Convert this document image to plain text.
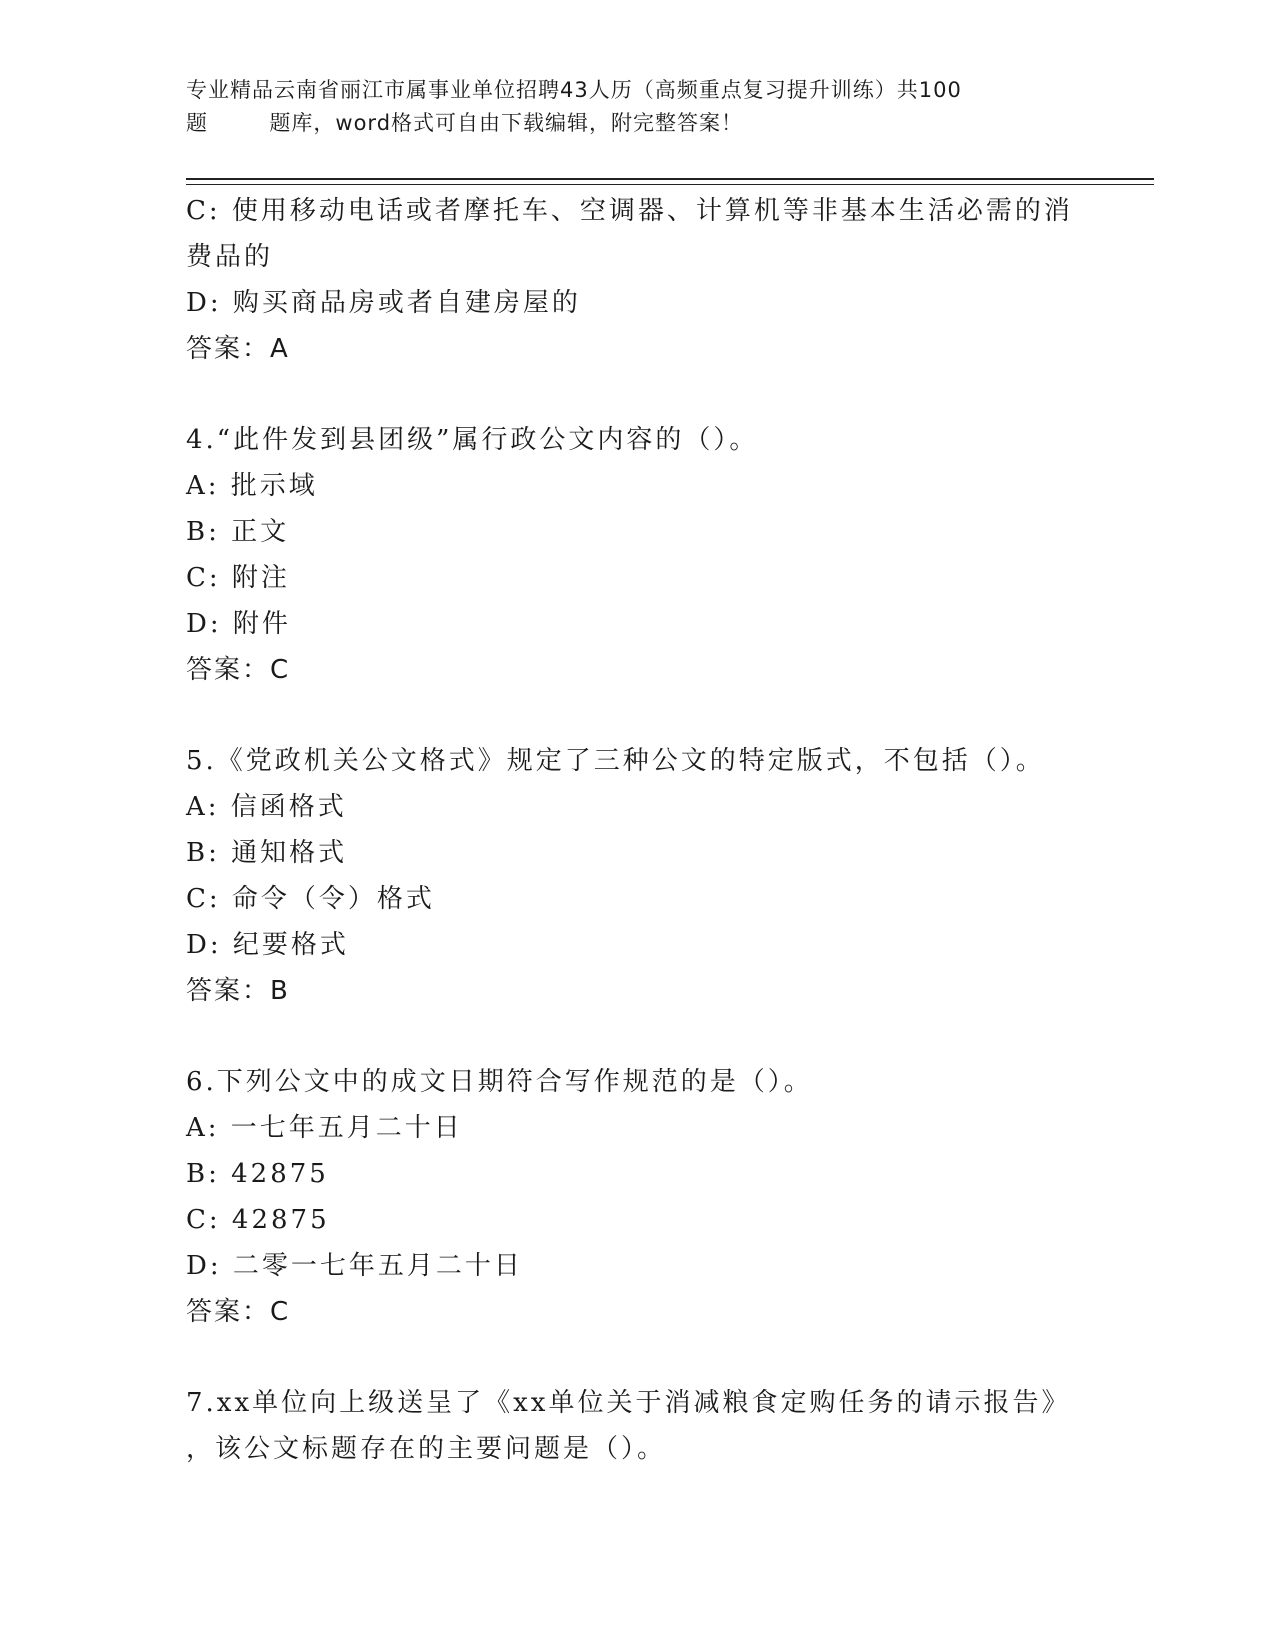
专业精品云南省丽江市属事业单位招聘43人历（高频重点复习提升训练）共100
题        题库，word格式可自由下载编辑，附完整答案！
C: 使用移动电话或者摩托车、空调器、计算机等非基本生活必需的消
费品的
D: 购买商品房或者自建房屋的
答案：A
4.“此件发到县团级”属行政公文内容的（）。
A: 批示域
B: 正文
C: 附注
D: 附件
答案：C
5.《党政机关公文格式》规定了三种公文的特定版式，不包括（）。
A: 信函格式
B: 通知格式
C: 命令（令）格式
D: 纪要格式
答案：B
6.下列公文中的成文日期符合写作规范的是（）。
A: 一七年五月二十日
B: 42875
C: 42875
D: 二零一七年五月二十日
答案：C
7.xx单位向上级送呈了《xx单位关于消减粮食定购任务的请示报告》
，该公文标题存在的主要问题是（）。
